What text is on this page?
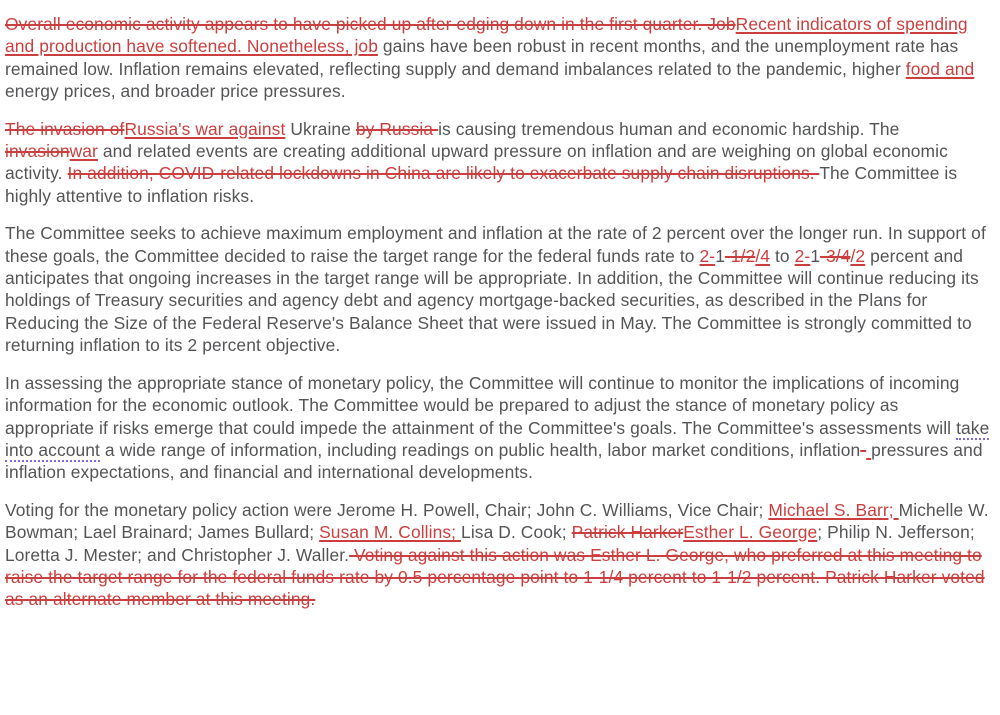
Overall economic activity appears to have picked up after edging down in the first quarter. JobRecent indicators of spending and production have softened. Nonetheless, job gains have been robust in recent months, and the unemployment rate has remained low. Inflation remains elevated, reflecting supply and demand imbalances related to the pandemic, higher food and energy prices, and broader price pressures.

The invasion ofRussia's war against Ukraine by Russia is causing tremendous human and economic hardship. The invasionwar and related events are creating additional upward pressure on inflation and are weighing on global economic activity. In addition, COVID-related lockdowns in China are likely to exacerbate supply chain disruptions. The Committee is highly attentive to inflation risks.

The Committee seeks to achieve maximum employment and inflation at the rate of 2 percent over the longer run. In support of these goals, the Committee decided to raise the target range for the federal funds rate to 2-1-1/2/4 to 2-1-3/4/2 percent and anticipates that ongoing increases in the target range will be appropriate. In addition, the Committee will continue reducing its holdings of Treasury securities and agency debt and agency mortgage-backed securities, as described in the Plans for Reducing the Size of the Federal Reserve's Balance Sheet that were issued in May. The Committee is strongly committed to returning inflation to its 2 percent objective.

In assessing the appropriate stance of monetary policy, the Committee will continue to monitor the implications of incoming information for the economic outlook. The Committee would be prepared to adjust the stance of monetary policy as appropriate if risks emerge that could impede the attainment of the Committee's goals. The Committee's assessments will take into account a wide range of information, including readings on public health, labor market conditions, inflation- pressures and inflation expectations, and financial and international developments.

Voting for the monetary policy action were Jerome H. Powell, Chair; John C. Williams, Vice Chair; Michael S. Barr; Michelle W. Bowman; Lael Brainard; James Bullard; Susan M. Collins; Lisa D. Cook; Patrick HarkerEsther L. George; Philip N. Jefferson; Loretta J. Mester; and Christopher J. Waller. Voting against this action was Esther L. George, who preferred at this meeting to raise the target range for the federal funds rate by 0.5 percentage point to 1-1/4 percent to 1-1/2 percent. Patrick Harker voted as an alternate member at this meeting.
